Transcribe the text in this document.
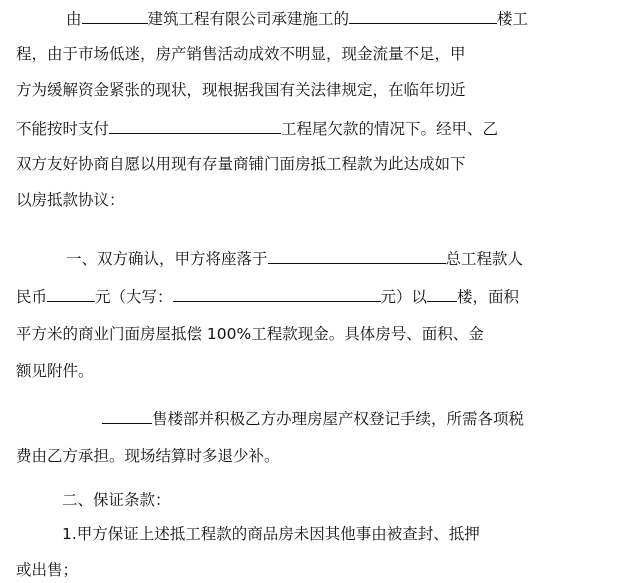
由	建筑工程有限公司承建施工的	楼工
程，由于市场低迷，房产销售活动成效不明显，现金流量不足，甲
方为缓解资金紧张的现状，现根据我国有关法律规定，在临年切近
不能按时支付	工程尾欠款的情况下。经甲、乙
双方友好协商自愿以用现有存量商铺门面房抵工程款为此达成如下
以房抵款协议：
一、双方确认，甲方将座落于	总工程款人
民币	元（大写：	元）以 楼，面积
平方米的商业门面房屋抵偿 100%工程款现金。具体房号、面积、金
额见附件。
售楼部并积极乙方办理房屋产权登记手续，所需各项税
费由乙方承担。现场结算时多退少补。
二、保证条款：
1.甲方保证上述抵工程款的商品房未因其他事由被查封、抵押
或出售；
